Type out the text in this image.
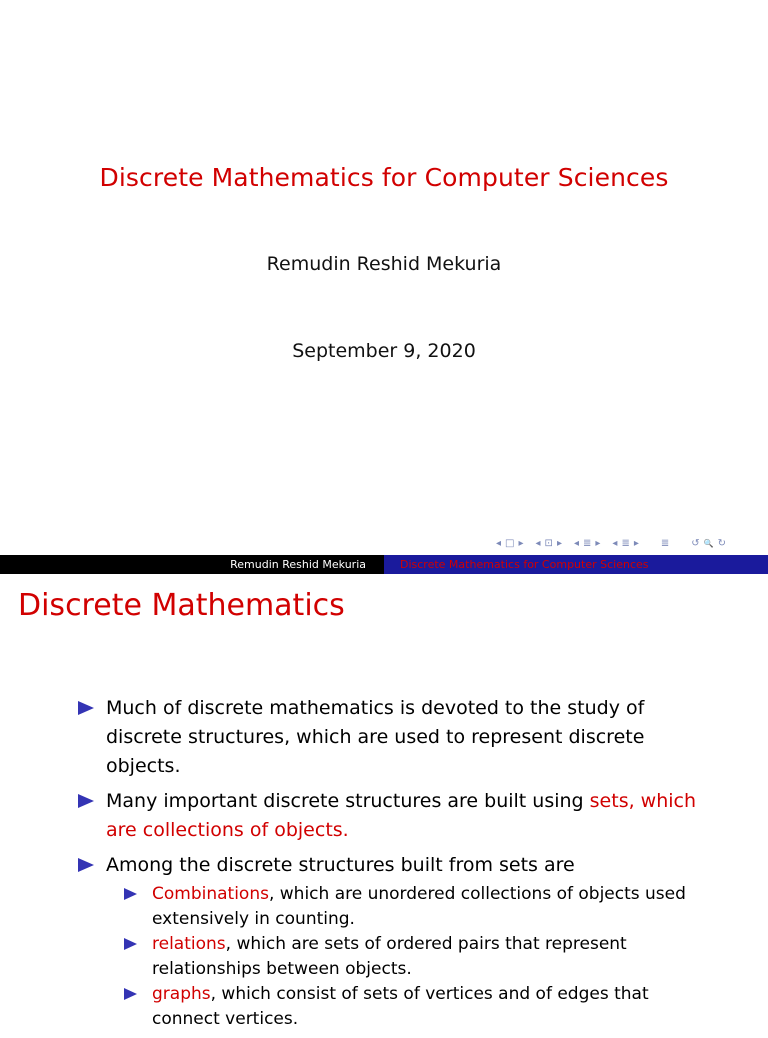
Discrete Mathematics for Computer Sciences
Remudin Reshid Mekuria
September 9, 2020
◂ □ ▸ ◂ ⊡ ▸ ◂ ≣ ▸ ◂ ≣ ▸ ≣ ↺ 🔍 ↻
Remudin Reshid Mekuria	Discrete Mathematics for Computer Sciences
Discrete Mathematics
Much of discrete mathematics is devoted to the study of discrete structures, which are used to represent discrete objects.
Many important discrete structures are built using sets, which are collections of objects.
Among the discrete structures built from sets are
Combinations, which are unordered collections of objects used extensively in counting.
relations, which are sets of ordered pairs that represent relationships between objects.
graphs, which consist of sets of vertices and of edges that connect vertices.
